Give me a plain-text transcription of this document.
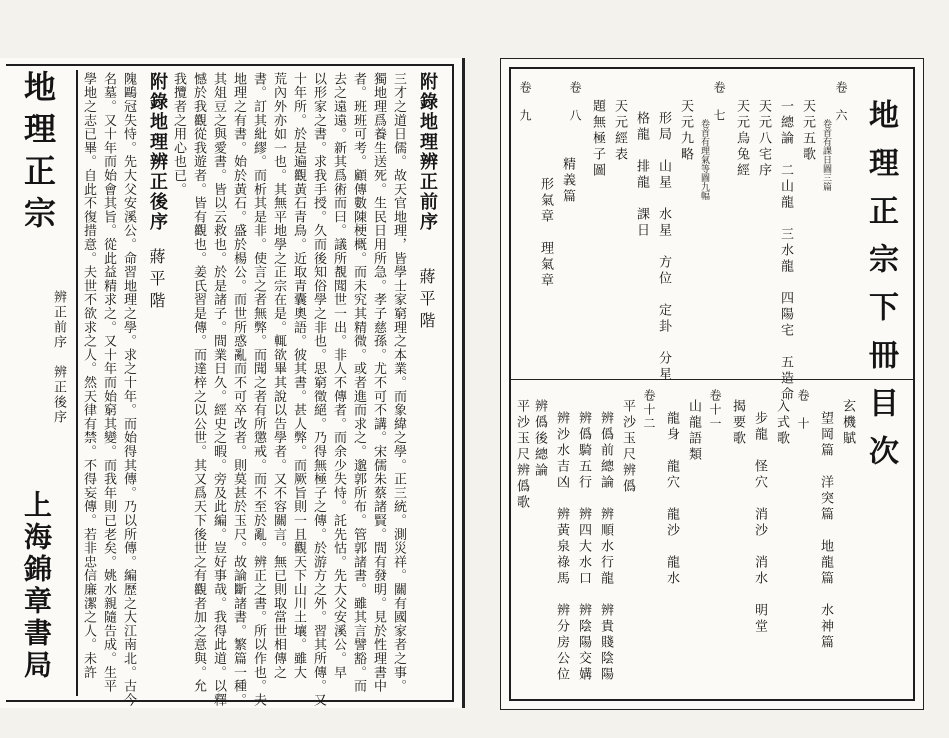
地理正宗
辨正前序　辨正後序
上海錦章書局
附錄地理辨正前序
蔣平階
三才之道日儒。故天官地理，皆學士家窮理之本業。而象緯之學。正三統。測災祥。關有國家者之事。
獨地理爲養生送死。生民日用所急。孝子慈孫。尤不可不講。宋儒朱蔡諸賢。間有發明。見於性理書中
者。班班可考。顧傳數陳梗概。而未究其精微。或者進而求之。邈郭所布。管郭諸書。雖其言譬豁。而
去之遠遠。新其爲術而曰。議所覩聞世一出。非人不傳者。而余少失恃。託先怙。先大父安溪公。早
以形家之書。求我手授。久而後知俗學之非也。思窮徵絕。乃得無極子之傳。於游方之外。習其所傳。又
十年所。於是遍觀黃石青鳥。近取青囊奧語。彼其書。甚人弊。而厥旨則一且觀天下山川土壤。雖大
荒內外亦如一也。其無平地學之正宗在是。輒欲畢其說以告學者。又不容關言。無已則取當世相傳之
書。訂其紕繆。而析其是非。使言之者無弊。而聞之者有所懲戒。而不至於亂。辨正之書。所以作也。夫
地理之有書。始於黃石。盛於楊公。而世所惑亂而不可卒改者。則莫甚於玉尺。故論斷諸書。繁篇一種。
其俎豆之與愛書。皆以云救也。於是諸子。間業日久。經史之暇。旁及此編。豈好事哉。我得此道。以釋
憾於我觀從我遊者。皆有觀也。姜氏習是傳。而達梓之以公世。其又爲天下後世之有觀者加之意與。允
我攬者之用心也已。
附錄地理辨正後序
蔣平階
隗鷗冠失恃。先大父安溪公。命習地理之學。求之十年。而始得其傳。乃以所傳。編歷之大江南北。古今
名墓。又十年而始會其旨。從此益精求之。又十年而始窮其變。而我年則已老矣。姚水親隨告成。生平
學地之志已畢。自此不復措意。夫世不欲求之人。然天律有禁。不得妄傳。若非忠信廉潔之人。未許	地理正宗下冊目次
卷　六
卷首有課日圖三篇
天元五歌
一總論　二山龍　三水龍　四陽宅　五造命
天元八宅序
天元烏兔經
卷　七
卷首有理氣等圖九幅
天元九略
形局　山星　水星　方位　定卦　分星
格龍　排龍　課日
天元經表
題無極子圖
卷　八
精義篇
形氣章　理氣章
卷　九
玄機賦
望岡篇　洋突篇　地龍篇　水神篇
卷　十
入式歌
步龍　怪穴　消沙　消水　明堂
揭要歌
卷十一
山龍語類
龍身　龍穴　龍沙　龍水
卷十二
平沙玉尺辨僞
辨僞前總論　辨順水行龍　辨貴賤陰陽
辨僞騎五行　辨四大水口　辨陰陽交媾
辨沙水吉凶　辨黃泉祿馬　辨分房公位
辨僞後總論
平沙玉尺辨僞歌
